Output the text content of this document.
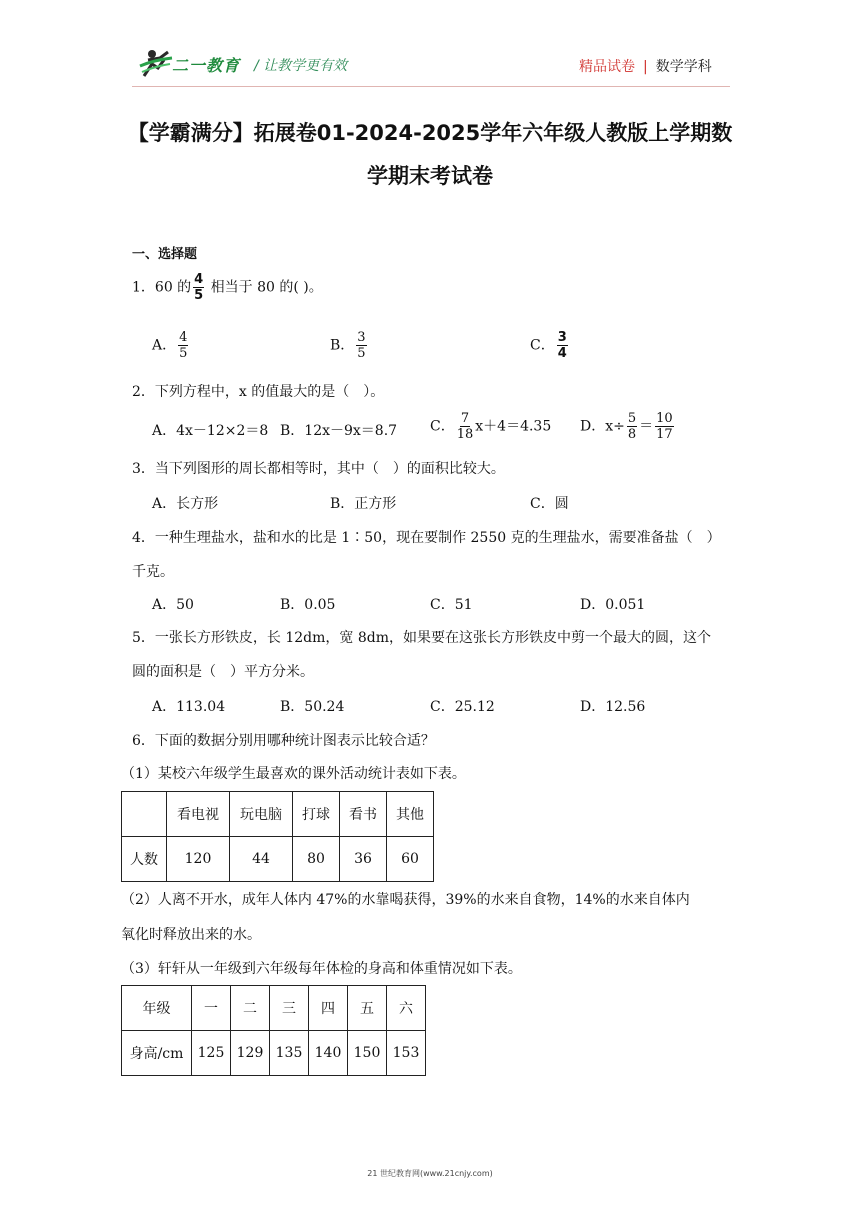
二一教育 / 让教学更有效	精品试卷 | 数学学科
【学霸满分】拓展卷01-2024-2025学年六年级人教版上学期数
学期末考试卷
一、选择题
1．60 的 $\frac{4}{5}$ 相当于 80 的( )。
A． $\frac{4}{5}$	B． $\frac{3}{5}$	C． $\frac{3}{4}$
2．下列方程中，x 的值最大的是（　）。
A．4x－12×2＝8 B．12x－9x＝8.7 C． $\frac{7}{18} x+4=4.35$ D．$x\div \frac{5}{8} = \frac{10}{17}$
3．当下列图形的周长都相等时，其中（　）的面积比较大。
A．长方形	B．正方形	C．圆
4．一种生理盐水，盐和水的比是 1∶50，现在要制作 2550 克的生理盐水，需要准备盐（　）
千克。
A．50	B．0.05	C．51	D．0.051
5．一张长方形铁皮，长 12dm，宽 8dm，如果要在这张长方形铁皮中剪一个最大的圆，这个
圆的面积是（　）平方分米。
A．113.04	B．50.24	C．25.12	D．12.56
6．下面的数据分别用哪种统计图表示比较合适？
（1）某校六年级学生最喜欢的课外活动统计表如下表。
	看电视	玩电脑	打球	看书	其他
人数	120	44	80	36	60
（2）人离不开水，成年人体内 47%的水靠喝获得，39%的水来自食物，14%的水来自体内
氧化时释放出来的水。
（3）轩轩从一年级到六年级每年体检的身高和体重情况如下表。
年级	一	二	三	四	五	六
身高/cm	125	129	135	140	150	153
21 世纪教育网(www.21cnjy.com)
